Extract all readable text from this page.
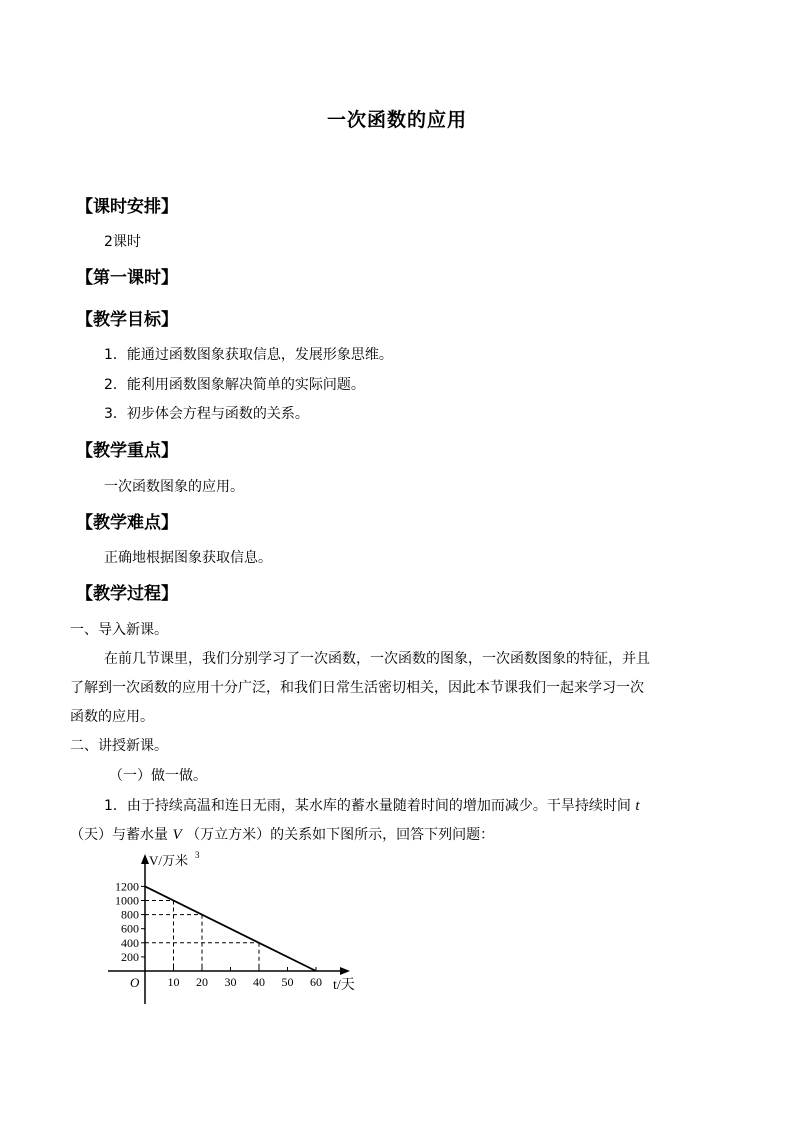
一次函数的应用
【课时安排】
2课时
【第一课时】
【教学目标】
1．能通过函数图象获取信息，发展形象思维。
2．能利用函数图象解决简单的实际问题。
3．初步体会方程与函数的关系。
【教学重点】
一次函数图象的应用。
【教学难点】
正确地根据图象获取信息。
【教学过程】
一、导入新课。
在前几节课里，我们分别学习了一次函数，一次函数的图象，一次函数图象的特征，并且
了解到一次函数的应用十分广泛，和我们日常生活密切相关，因此本节课我们一起来学习一次
函数的应用。
二、讲授新课。
（一）做一做。
1．由于持续高温和连日无雨，某水库的蓄水量随着时间的增加而减少。干旱持续时间 t
（天）与蓄水量 V （万立方米）的关系如下图所示，回答下列问题：
200
400
600
800
1000
1200
10 20 30 40 50 60
O	t/天
V/万米 3
